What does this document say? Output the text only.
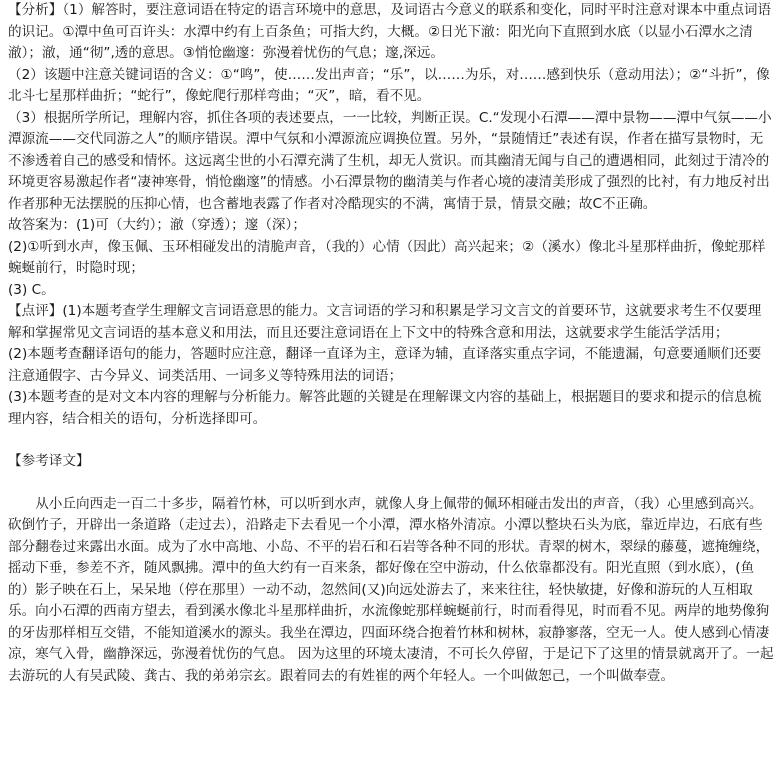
【分析】（1）解答时，要注意词语在特定的语言环境中的意思，及词语古今意义的联系和变化，同时平时注意对课本中重点词语的识记。①潭中鱼可百许头：水潭中约有上百条鱼；可指大约，大概。②日光下澈：阳光向下直照到水底（以显小石潭水之清澈）；澈，通“彻”,透的意思。③悄怆幽邃：弥漫着忧伤的气息；邃,深远。

（2）该题中注意关键词语的含义：①“鸣”，使……发出声音；“乐”，以……为乐，对……感到快乐（意动用法）；②“斗折”，像北斗七星那样曲折；“蛇行”，像蛇爬行那样弯曲；“灭”，暗，看不见。

（3）根据所学所记，理解内容，抓住各项的表述要点，一一比较，判断正误。C.“发现小石潭——潭中景物——潭中气氛——小潭源流——交代同游之人”的顺序错误。潭中气氛和小潭源流应调换位置。另外，“景随情迁”表述有误，作者在描写景物时，无不渗透着自己的感受和情怀。这远离尘世的小石潭充满了生机，却无人赏识。而其幽清无闻与自己的遭遇相同，此刻过于清冷的环境更容易激起作者“凄神寒骨，悄怆幽邃”的情感。小石潭景物的幽清美与作者心境的凄清美形成了强烈的比衬，有力地反衬出作者那种无法摆脱的压抑心情，也含蓄地表露了作者对冷酷现实的不满，寓情于景，情景交融；故C不正确。

故答案为：(1)可（大约）；澈（穿透）；邃（深）；

(2)①听到水声，像玉佩、玉环相碰发出的清脆声音，（我的）心情（因此）高兴起来；②（溪水）像北斗星那样曲折，像蛇那样蜿蜒前行，时隐时现；

(3) C。

【点评】(1)本题考查学生理解文言词语意思的能力。文言词语的学习和积累是学习文言文的首要环节，这就要求考生不仅要理解和掌握常见文言词语的基本意义和用法，而且还要注意词语在上下文中的特殊含意和用法，这就要求学生能活学活用；

(2)本题考查翻译语句的能力，答题时应注意，翻译一直译为主，意译为辅，直译落实重点字词，不能遗漏，句意要通顺们还要注意通假字、古今异义、词类活用、一词多义等特殊用法的词语；

(3)本题考查的是对文本内容的理解与分析能力。解答此题的关键是在理解课文内容的基础上，根据题目的要求和提示的信息梳理内容，结合相关的语句，分析选择即可。

【参考译文】

从小丘向西走一百二十多步，隔着竹林，可以听到水声，就像人身上佩带的佩环相碰击发出的声音，（我）心里感到高兴。砍倒竹子，开辟出一条道路（走过去），沿路走下去看见一个小潭，潭水格外清凉。小潭以整块石头为底，靠近岸边，石底有些部分翻卷过来露出水面。成为了水中高地、小岛、不平的岩石和石岩等各种不同的形状。青翠的树木，翠绿的藤蔓，遮掩缠绕，摇动下垂，参差不齐，随风飘拂。潭中的鱼大约有一百来条，都好像在空中游动，什么依靠都没有。阳光直照（到水底），(鱼的）影子映在石上，呆呆地（停在那里）一动不动，忽然间(又)向远处游去了，来来往往，轻快敏捷，好像和游玩的人互相取乐。向小石潭的西南方望去，看到溪水像北斗星那样曲折，水流像蛇那样蜿蜒前行，时而看得见，时而看不见。两岸的地势像狗的牙齿那样相互交错，不能知道溪水的源头。我坐在潭边，四面环绕合抱着竹林和树林，寂静寥落，空无一人。使人感到心情凄凉，寒气入骨，幽静深远，弥漫着忧伤的气息。 因为这里的环境太凄清，不可长久停留，于是记下了这里的情景就离开了。一起去游玩的人有吴武陵、龚古、我的弟弟宗玄。跟着同去的有姓崔的两个年轻人。一个叫做恕己，一个叫做奉壹。
